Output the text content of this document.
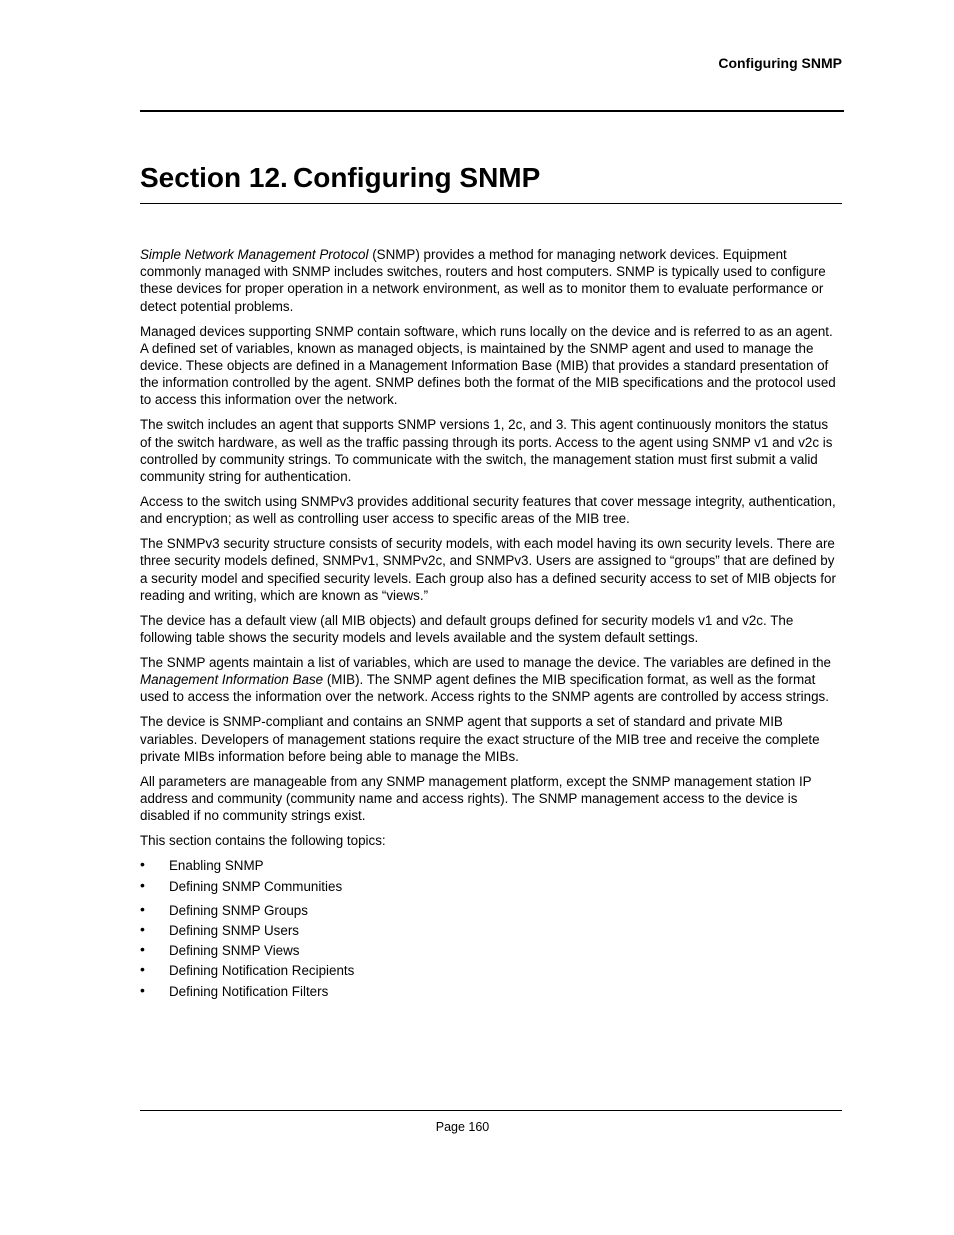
Configuring SNMP
Section 12. Configuring SNMP

Simple Network Management Protocol (SNMP) provides a method for managing network devices. Equipment commonly managed with SNMP includes switches, routers and host computers. SNMP is typically used to configure these devices for proper operation in a network environment, as well as to monitor them to evaluate performance or detect potential problems.

Managed devices supporting SNMP contain software, which runs locally on the device and is referred to as an agent. A defined set of variables, known as managed objects, is maintained by the SNMP agent and used to manage the device. These objects are defined in a Management Information Base (MIB) that provides a standard presentation of the information controlled by the agent. SNMP defines both the format of the MIB specifications and the protocol used to access this information over the network.

The switch includes an agent that supports SNMP versions 1, 2c, and 3. This agent continuously monitors the status of the switch hardware, as well as the traffic passing through its ports. Access to the agent using SNMP v1 and v2c is controlled by community strings. To communicate with the switch, the management station must first submit a valid community string for authentication.

Access to the switch using SNMPv3 provides additional security features that cover message integrity, authentication, and encryption; as well as controlling user access to specific areas of the MIB tree.

The SNMPv3 security structure consists of security models, with each model having its own security levels. There are three security models defined, SNMPv1, SNMPv2c, and SNMPv3. Users are assigned to “groups” that are defined by a security model and specified security levels. Each group also has a defined security access to set of MIB objects for reading and writing, which are known as “views.”

The device has a default view (all MIB objects) and default groups defined for security models v1 and v2c. The following table shows the security models and levels available and the system default settings.

The SNMP agents maintain a list of variables, which are used to manage the device. The variables are defined in the Management Information Base (MIB). The SNMP agent defines the MIB specification format, as well as the format used to access the information over the network. Access rights to the SNMP agents are controlled by access strings.

The device is SNMP-compliant and contains an SNMP agent that supports a set of standard and private MIB variables. Developers of management stations require the exact structure of the MIB tree and receive the complete private MIBs information before being able to manage the MIBs.

All parameters are manageable from any SNMP management platform, except the SNMP management station IP address and community (community name and access rights). The SNMP management access to the device is disabled if no community strings exist.

This section contains the following topics:

• Enabling SNMP
• Defining SNMP Communities
• Defining SNMP Groups
• Defining SNMP Users
• Defining SNMP Views
• Defining Notification Recipients
• Defining Notification Filters
Page 160
